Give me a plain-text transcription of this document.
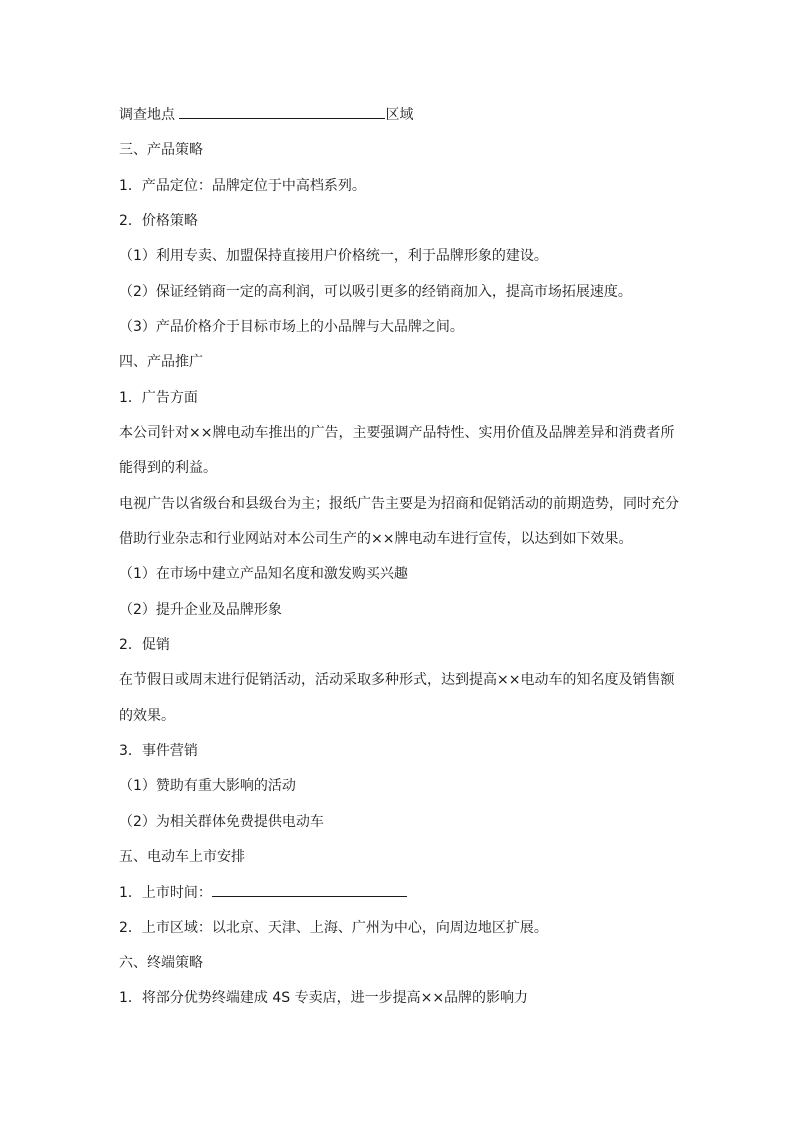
调查地点	区域
三、产品策略
1．产品定位：品牌定位于中高档系列。
2．价格策略
（1）利用专卖、加盟保持直接用户价格统一，利于品牌形象的建设。
（2）保证经销商一定的高利润，可以吸引更多的经销商加入，提高市场拓展速度。
（3）产品价格介于目标市场上的小品牌与大品牌之间。
四、产品推广
1．广告方面
本公司针对××牌电动车推出的广告，主要强调产品特性、实用价值及品牌差异和消费者所
能得到的利益。
电视广告以省级台和县级台为主；报纸广告主要是为招商和促销活动的前期造势，同时充分
借助行业杂志和行业网站对本公司生产的××牌电动车进行宣传，以达到如下效果。
（1）在市场中建立产品知名度和激发购买兴趣
（2）提升企业及品牌形象
2．促销
在节假日或周末进行促销活动，活动采取多种形式，达到提高××电动车的知名度及销售额
的效果。
3．事件营销
（1）赞助有重大影响的活动
（2）为相关群体免费提供电动车
五、电动车上市安排
1．上市时间：
2．上市区域：以北京、天津、上海、广州为中心，向周边地区扩展。
六、终端策略
1．将部分优势终端建成 4S 专卖店，进一步提高××品牌的影响力
